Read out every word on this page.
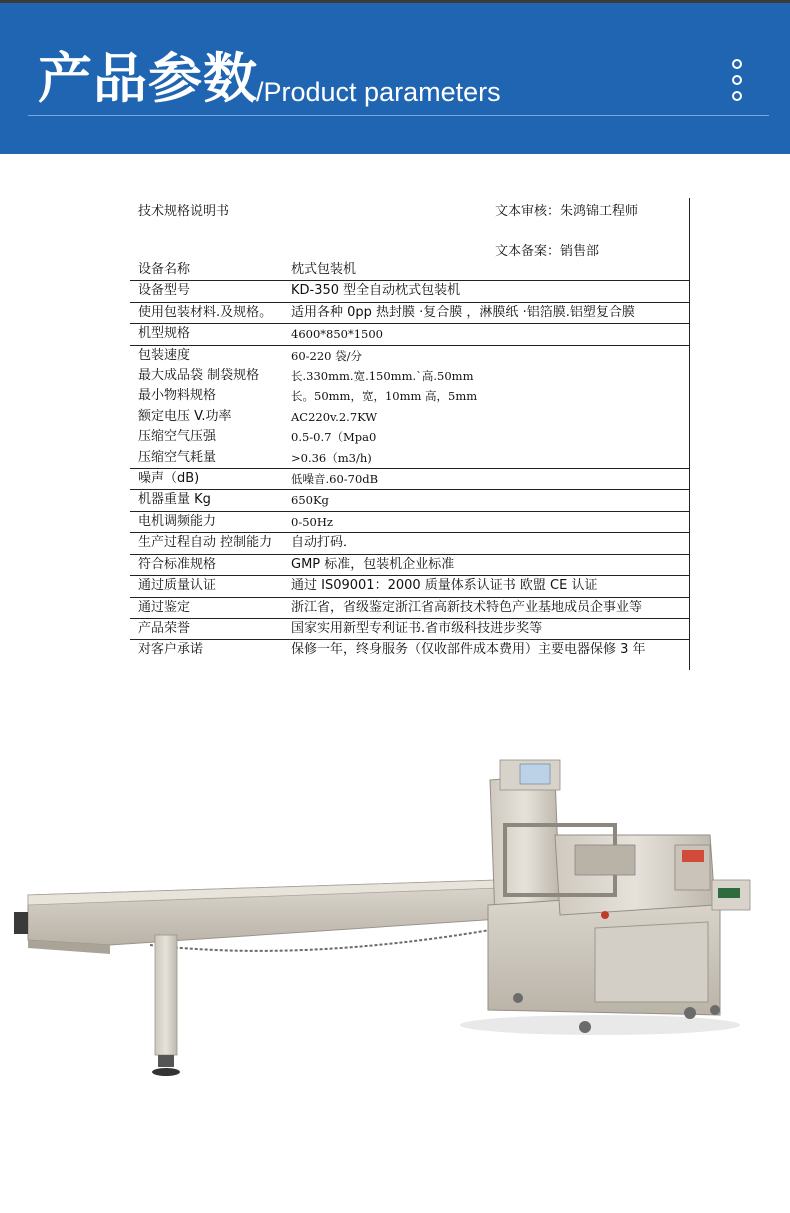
产品参数
/Product parameters
技术规格说明书	文本审核：朱鸿锦工程师
文本备案：销售部
设备名称	枕式包装机
设备型号	KD-350 型全自动枕式包装机
使用包装材料.及规格。	适用各种 0pp 热封膜 ·复合膜 ，淋膜纸 ·铝箔膜.铝塑复合膜
机型规格	4600*850*1500
包装速度	60-220 袋/分
最大成品袋 制袋规格	长.330mm.宽.150mm.`高.50mm
最小物料规格	长。50mm，宽，10mm 高，5mm
额定电压 V.功率	AC220v.2.7KW
压缩空气压强	0.5-0.7（Mpa0
压缩空气耗量	>0.36（m3/h)
噪声（dB)	低噪音.60-70dB
机器重量 Kg	650Kg
电机调频能力	0-50Hz
生产过程自动 控制能力	自动打码．
符合标准规格	GMP 标准，包装机企业标准
通过质量认证	通过 IS09001：2000 质量体系认证书 欧盟 CE 认证
通过鉴定	浙江省，省级鉴定浙江省高新技术特色产业基地成员企事业等
产品荣誉	国家实用新型专利证书.省市级科技进步奖等
对客户承诺	保修一年，终身服务（仅收部件成本费用）主要电器保修 3 年
